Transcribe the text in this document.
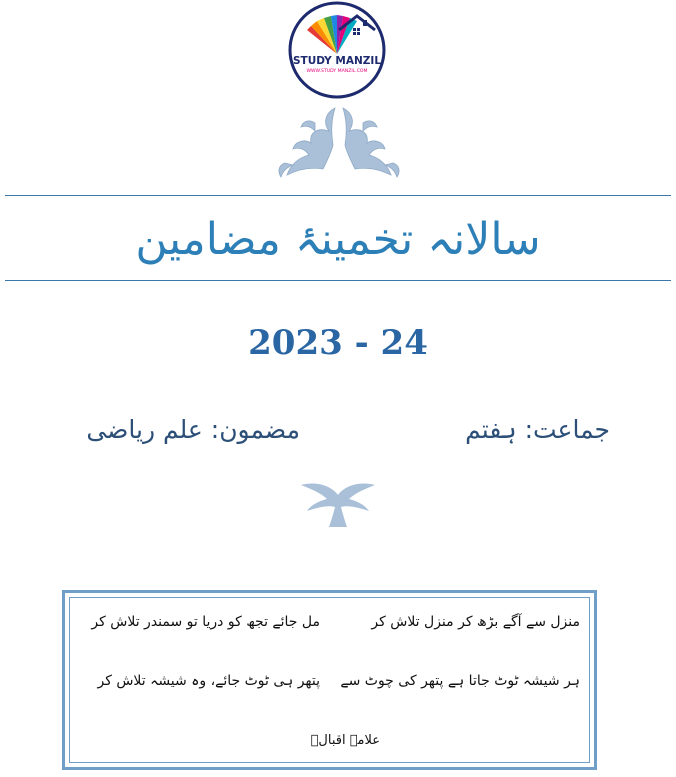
STUDY MANZIL
WWW.STUDY MANZIL.COM
سالانہ تخمینۂ مضامین
2023 - 24
جماعت: ہفتم
مضمون: علم ریاضی
منزل سے آگے بڑھ کر منزل تلاش کر
مل جائے تجھ کو دریا تو سمندر تلاش کر
ہر شیشہ ٹوٹ جاتا ہے پتھر کی چوٹ سے
پتھر ہی ٹوٹ جائے، وہ شیشہ تلاش کر
علامہ اقبالؒ
